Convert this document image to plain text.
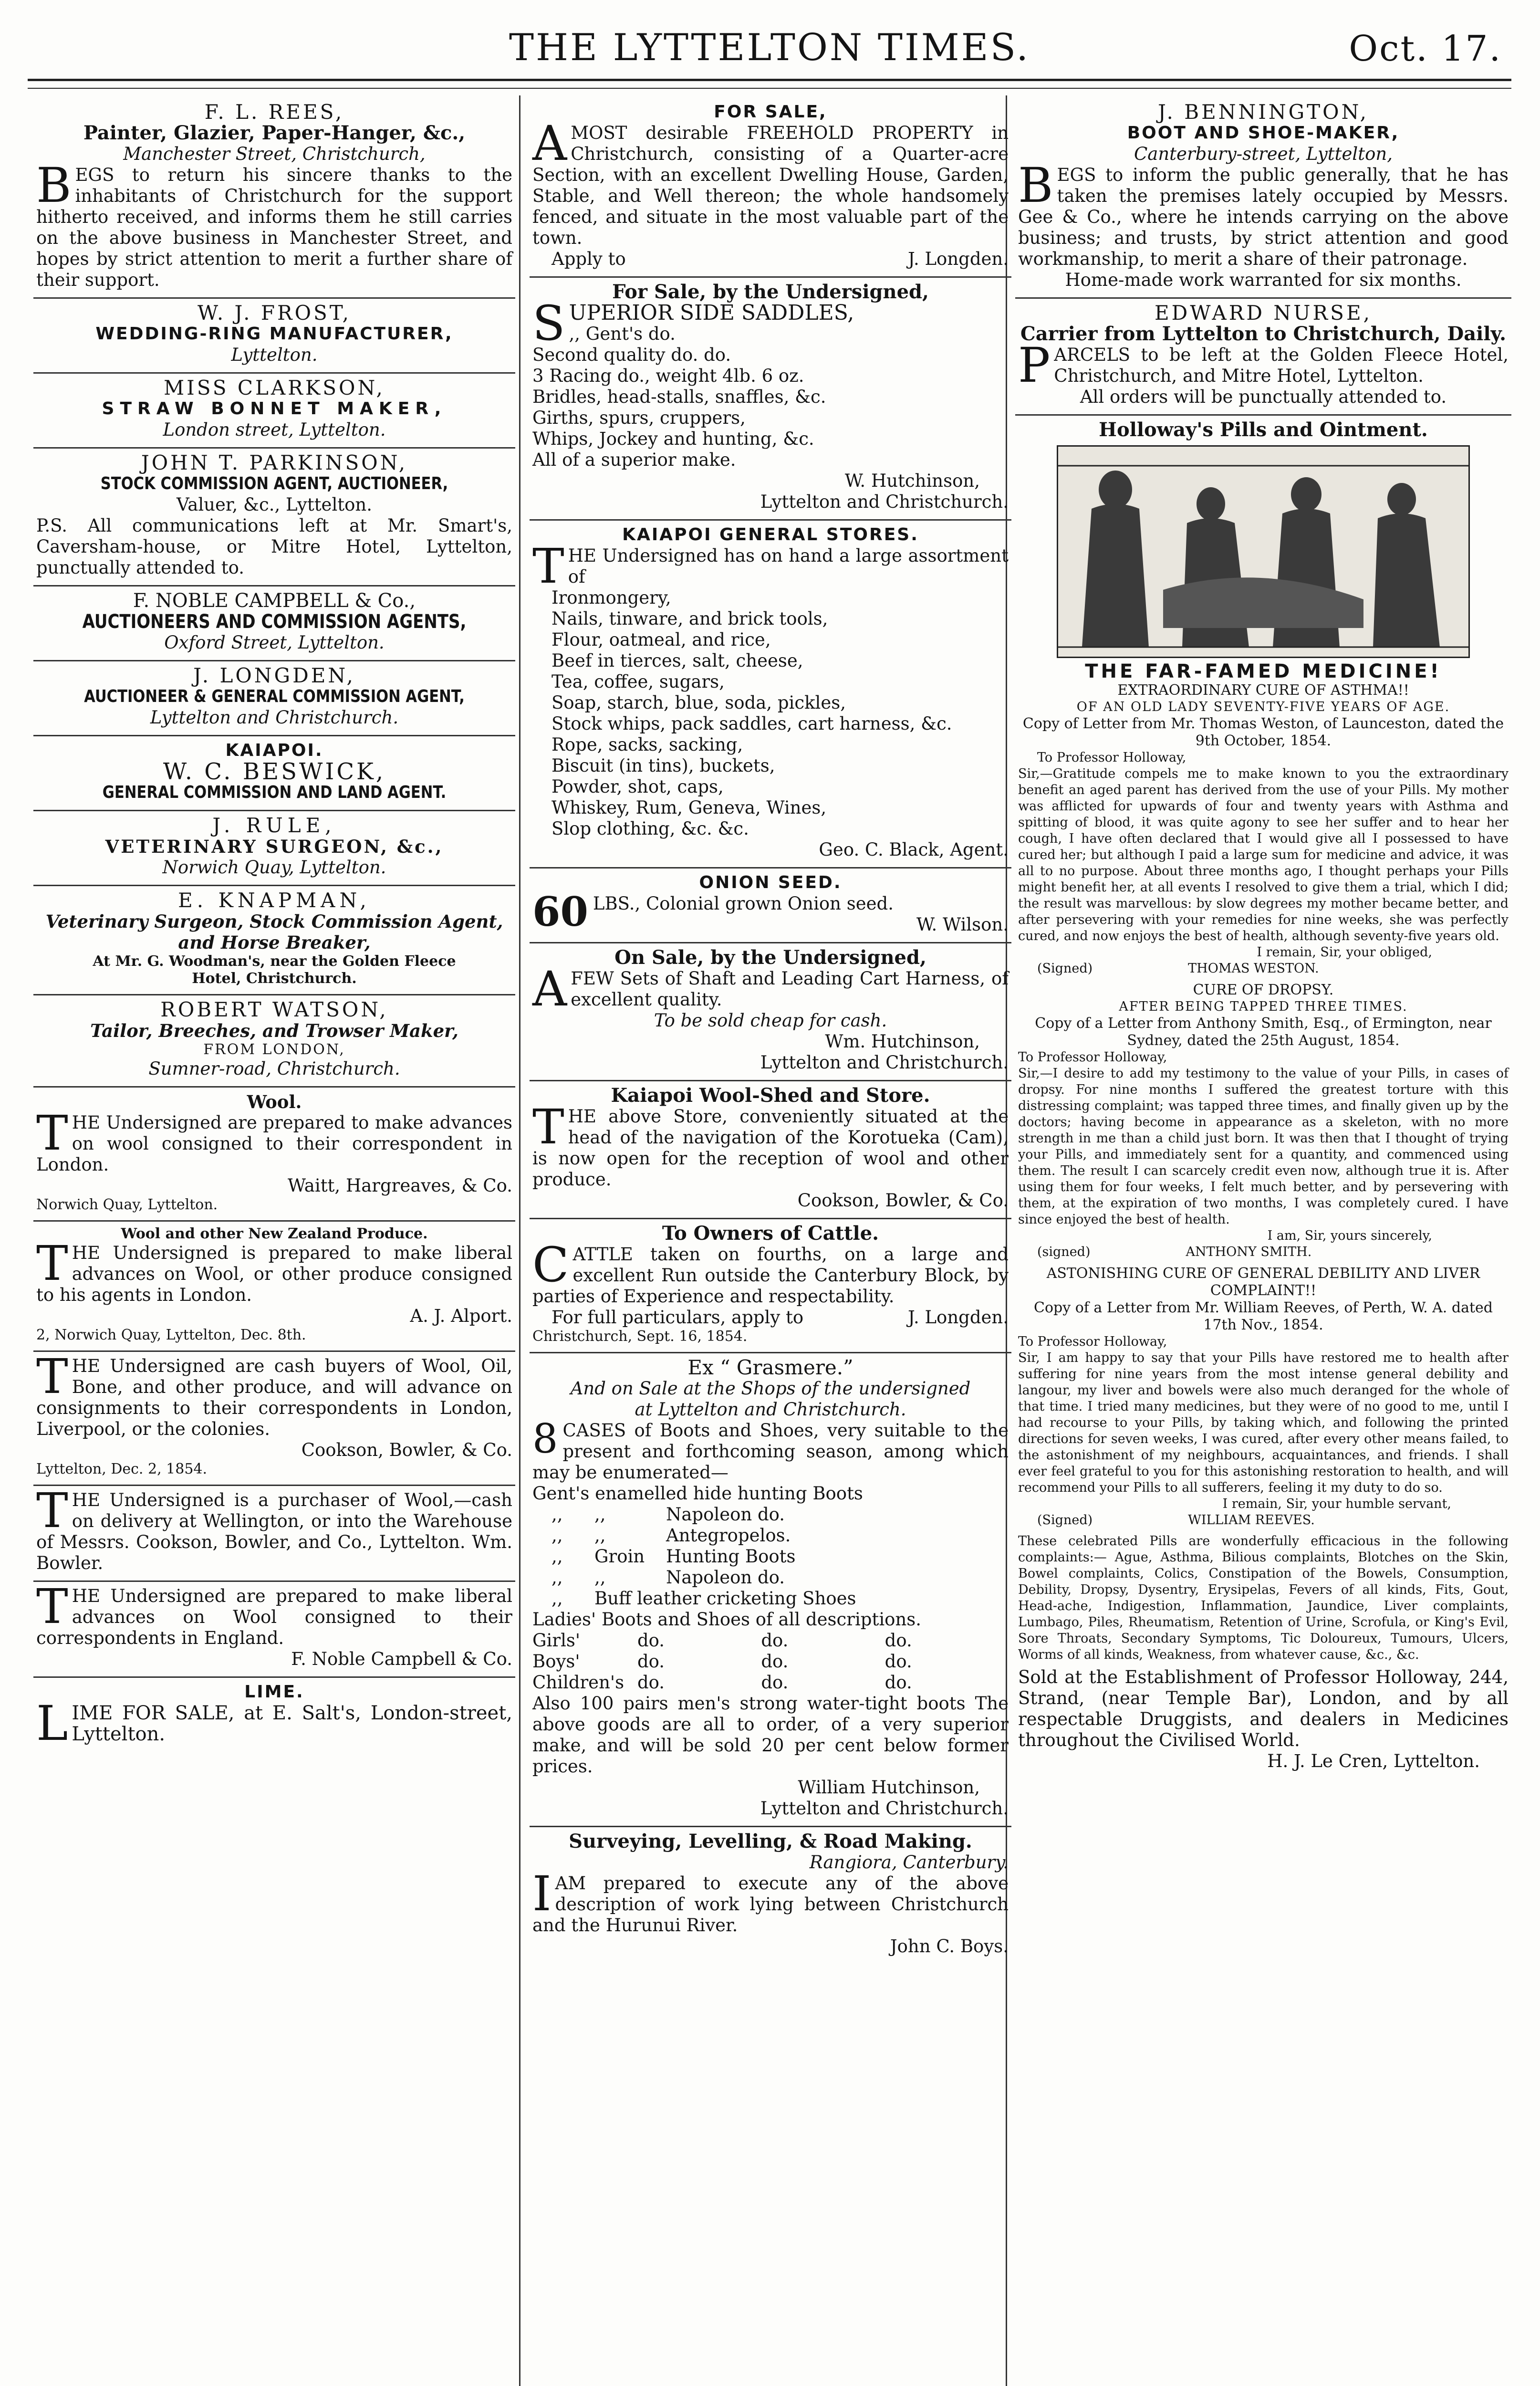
THE LYTTELTON TIMES.	Oct. 17.
F. L. REES,
Painter, Glazier, Paper-Hanger, &c.,
Manchester Street, Christchurch,
BEGS to return his sincere thanks to the inhabitants of Christchurch for the support hitherto received, and informs them he still carries on the above business in Manchester Street, and hopes by strict attention to merit a further share of their support.
W. J. FROST,
WEDDING-RING MANUFACTURER,
Lyttelton.
MISS CLARKSON,
STRAW BONNET MAKER,
London street, Lyttelton.
JOHN T. PARKINSON,
STOCK COMMISSION AGENT, AUCTIONEER,
Valuer, &c., Lyttelton.
P.S. All communications left at Mr. Smart's, Caversham-house, or Mitre Hotel, Lyttelton, punctually attended to.
F. NOBLE CAMPBELL & Co.,
AUCTIONEERS AND COMMISSION AGENTS,
Oxford Street, Lyttelton.
J. LONGDEN,
AUCTIONEER & GENERAL COMMISSION AGENT,
Lyttelton and Christchurch.
KAIAPOI.
W. C. BESWICK,
GENERAL COMMISSION AND LAND AGENT.
J. RULE,
VETERINARY SURGEON, &c.,
Norwich Quay, Lyttelton.
E. KNAPMAN,
Veterinary Surgeon, Stock Commission Agent,
and Horse Breaker,
At Mr. G. Woodman's, near the Golden Fleece
Hotel, Christchurch.
ROBERT WATSON,
Tailor, Breeches, and Trowser Maker,
FROM LONDON,
Sumner-road, Christchurch.
Wool.
THE Undersigned are prepared to make advances on wool consigned to their correspondent in London.
Waitt, Hargreaves, & Co.
Norwich Quay, Lyttelton.
Wool and other New Zealand Produce.
THE Undersigned is prepared to make liberal advances on Wool, or other produce consigned to his agents in London.
A. J. Alport.
2, Norwich Quay, Lyttelton, Dec. 8th.
THE Undersigned are cash buyers of Wool, Oil, Bone, and other produce, and will advance on consignments to their correspondents in London, Liverpool, or the colonies.
Cookson, Bowler, & Co.
Lyttelton, Dec. 2, 1854.
THE Undersigned is a purchaser of Wool,—cash on delivery at Wellington, or into the Warehouse of Messrs. Cookson, Bowler, and Co., Lyttelton. Wm. Bowler.
THE Undersigned are prepared to make liberal advances on Wool consigned to their correspondents in England.
F. Noble Campbell & Co.
LIME.
LIME FOR SALE, at E. Salt's, London-street, Lyttelton.
FOR SALE,
AMOST desirable FREEHOLD PROPERTY in Christchurch, consisting of a Quarter-acre Section, with an excellent Dwelling House, Garden, Stable, and Well thereon; the whole handsomely fenced, and situate in the most valuable part of the town.
Apply to	J. Longden.
For Sale, by the Undersigned,
SUPERIOR SIDE SADDLES,
,, Gent's do.
Second quality do. do.
3 Racing do., weight 4lb. 6 oz.
Bridles, head-stalls, snaffles, &c.
Girths, spurs, cruppers,
Whips, Jockey and hunting, &c.
All of a superior make.
W. Hutchinson,
Lyttelton and Christchurch.
KAIAPOI GENERAL STORES.
THE Undersigned has on hand a large assortment of
Ironmongery,
Nails, tinware, and brick tools,
Flour, oatmeal, and rice,
Beef in tierces, salt, cheese,
Tea, coffee, sugars,
Soap, starch, blue, soda, pickles,
Stock whips, pack saddles, cart harness, &c.
Rope, sacks, sacking,
Biscuit (in tins), buckets,
Powder, shot, caps,
Whiskey, Rum, Geneva, Wines,
Slop clothing, &c. &c.
Geo. C. Black, Agent.
ONION SEED.
60 LBS., Colonial grown Onion seed.
W. Wilson.
On Sale, by the Undersigned,
AFEW Sets of Shaft and Leading Cart Harness, of excellent quality.
To be sold cheap for cash.
Wm. Hutchinson,
Lyttelton and Christchurch.
Kaiapoi Wool-Shed and Store.
THE above Store, conveniently situated at the head of the navigation of the Korotueka (Cam), is now open for the reception of wool and other produce.
Cookson, Bowler, & Co.
To Owners of Cattle.
CATTLE taken on fourths, on a large and excellent Run outside the Canterbury Block, by parties of Experience and respectability.
For full particulars, apply to	J. Longden.
Christchurch, Sept. 16, 1854.
Ex “ Grasmere.”
And on Sale at the Shops of the undersigned
at Lyttelton and Christchurch.
8 CASES of Boots and Shoes, very suitable to the present and forthcoming season, among which may be enumerated—
Gent's enamelled hide hunting Boots		
,,	,,	Napoleon do.
,,	,,	Antegropelos.
,,	Groin	Hunting Boots
,,	,,	Napoleon do.
,,	Buff leather cricketing Shoes	
Ladies' Boots and Shoes of all descriptions.
Girls'	do.	do.	do.
Boys'	do.	do.	do.
Children's	do.	do.	do.
Also 100 pairs men's strong water-tight boots The above goods are all to order, of a very superior make, and will be sold 20 per cent below former prices.
William Hutchinson,
Lyttelton and Christchurch.
Surveying, Levelling, & Road Making.
Rangiora, Canterbury.
IAM prepared to execute any of the above description of work lying between Christchurch and the Hurunui River.
John C. Boys.
J. BENNINGTON,
BOOT AND SHOE-MAKER,
Canterbury-street, Lyttelton,
BEGS to inform the public generally, that he has taken the premises lately occupied by Messrs. Gee & Co., where he intends carrying on the above business; and trusts, by strict attention and good workmanship, to merit a share of their patronage.
Home-made work warranted for six months.
EDWARD NURSE,
Carrier from Lyttelton to Christchurch, Daily.
PARCELS to be left at the Golden Fleece Hotel, Christchurch, and Mitre Hotel, Lyttelton.
All orders will be punctually attended to.
Holloway's Pills and Ointment.
THE FAR-FAMED MEDICINE!
EXTRAORDINARY CURE OF ASTHMA!!
OF AN OLD LADY SEVENTY-FIVE YEARS OF AGE.
Copy of Letter from Mr. Thomas Weston, of Launceston, dated the 9th October, 1854.
To Professor Holloway,
Sir,—Gratitude compels me to make known to you the extraordinary benefit an aged parent has derived from the use of your Pills. My mother was afflicted for upwards of four and twenty years with Asthma and spitting of blood, it was quite agony to see her suffer and to hear her cough, I have often declared that I would give all I possessed to have cured her; but although I paid a large sum for medicine and advice, it was all to no purpose. About three months ago, I thought perhaps your Pills might benefit her, at all events I resolved to give them a trial, which I did; the result was marvellous: by slow degrees my mother became better, and after persevering with your remedies for nine weeks, she was perfectly cured, and now enjoys the best of health, although seventy-five years old.
I remain, Sir, your obliged,
(Signed)	THOMAS WESTON.
CURE OF DROPSY.
AFTER BEING TAPPED THREE TIMES.
Copy of a Letter from Anthony Smith, Esq., of Ermington, near Sydney, dated the 25th August, 1854.
To Professor Holloway,
Sir,—I desire to add my testimony to the value of your Pills, in cases of dropsy. For nine months I suffered the greatest torture with this distressing complaint; was tapped three times, and finally given up by the doctors; having become in appearance as a skeleton, with no more strength in me than a child just born. It was then that I thought of trying your Pills, and immediately sent for a quantity, and commenced using them. The result I can scarcely credit even now, although true it is. After using them for four weeks, I felt much better, and by persevering with them, at the expiration of two months, I was completely cured. I have since enjoyed the best of health.
I am, Sir, yours sincerely,
(signed)	ANTHONY SMITH.
ASTONISHING CURE OF GENERAL DEBILITY AND LIVER COMPLAINT!!
Copy of a Letter from Mr. William Reeves, of Perth, W. A. dated 17th Nov., 1854.
To Professor Holloway,
Sir, I am happy to say that your Pills have restored me to health after suffering for nine years from the most intense general debility and langour, my liver and bowels were also much deranged for the whole of that time. I tried many medicines, but they were of no good to me, until I had recourse to your Pills, by taking which, and following the printed directions for seven weeks, I was cured, after every other means failed, to the astonishment of my neighbours, acquaintances, and friends. I shall ever feel grateful to you for this astonishing restoration to health, and will recommend your Pills to all sufferers, feeling it my duty to do so.
I remain, Sir, your humble servant,
(Signed)	WILLIAM REEVES.
These celebrated Pills are wonderfully efficacious in the following complaints:— Ague, Asthma, Bilious complaints, Blotches on the Skin, Bowel complaints, Colics, Constipation of the Bowels, Consumption, Debility, Dropsy, Dysentry, Erysipelas, Fevers of all kinds, Fits, Gout, Head-ache, Indigestion, Inflammation, Jaundice, Liver complaints, Lumbago, Piles, Rheumatism, Retention of Urine, Scrofula, or King's Evil, Sore Throats, Secondary Symptoms, Tic Doloureux, Tumours, Ulcers, Worms of all kinds, Weakness, from whatever cause, &c., &c.
Sold at the Establishment of Professor Holloway, 244, Strand, (near Temple Bar), London, and by all respectable Druggists, and dealers in Medicines throughout the Civilised World.
H. J. Le Cren, Lyttelton.
